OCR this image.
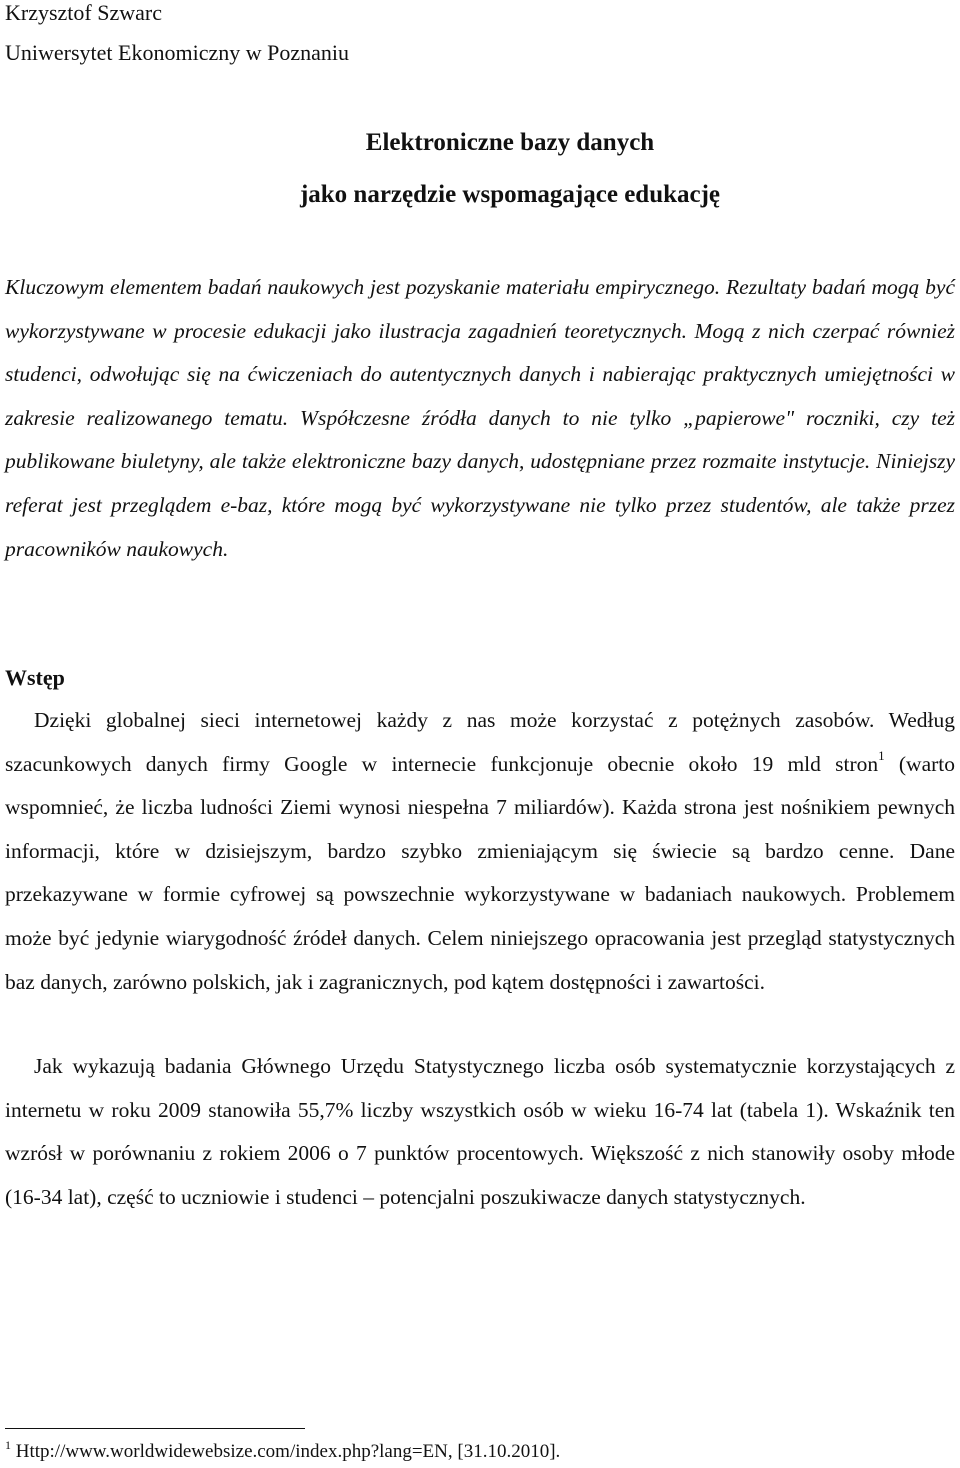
Krzysztof Szwarc
Uniwersytet Ekonomiczny w Poznaniu
Elektroniczne bazy danych
jako narzędzie wspomagające edukację
Kluczowym elementem badań naukowych jest pozyskanie materiału empirycznego. Rezultaty badań mogą być wykorzystywane w procesie edukacji jako ilustracja zagadnień teoretycznych. Mogą z nich czerpać również studenci, odwołując się na ćwiczeniach do autentycznych danych i nabierając praktycznych umiejętności w zakresie realizowanego tematu. Współczesne źródła danych to nie tylko „papierowe" roczniki, czy też publikowane biuletyny, ale także elektroniczne bazy danych, udostępniane przez rozmaite instytucje. Niniejszy referat jest przeglądem e-baz, które mogą być wykorzystywane nie tylko przez studentów, ale także przez pracowników naukowych.
Wstęp
Dzięki globalnej sieci internetowej każdy z nas może korzystać z potężnych zasobów. Według szacunkowych danych firmy Google w internecie funkcjonuje obecnie około 19 mld stron$^1$ (warto wspomnieć, że liczba ludności Ziemi wynosi niespełna 7 miliardów). Każda strona jest nośnikiem pewnych informacji, które w dzisiejszym, bardzo szybko zmieniającym się świecie są bardzo cenne. Dane przekazywane w formie cyfrowej są powszechnie wykorzystywane w badaniach naukowych. Problemem może być jedynie wiarygodność źródeł danych. Celem niniejszego opracowania jest przegląd statystycznych baz danych, zarówno polskich, jak i zagranicznych, pod kątem dostępności i zawartości.
Jak wykazują badania Głównego Urzędu Statystycznego liczba osób systematycznie korzystających z internetu w roku 2009 stanowiła 55,7% liczby wszystkich osób w wieku 16-74 lat (tabela 1). Wskaźnik ten wzrósł w porównaniu z rokiem 2006 o 7 punktów procentowych. Większość z nich stanowiły osoby młode (16-34 lat), część to uczniowie i studenci – potencjalni poszukiwacze danych statystycznych.
$^1$ Http://www.worldwidewebsize.com/index.php?lang=EN, [31.10.2010].
